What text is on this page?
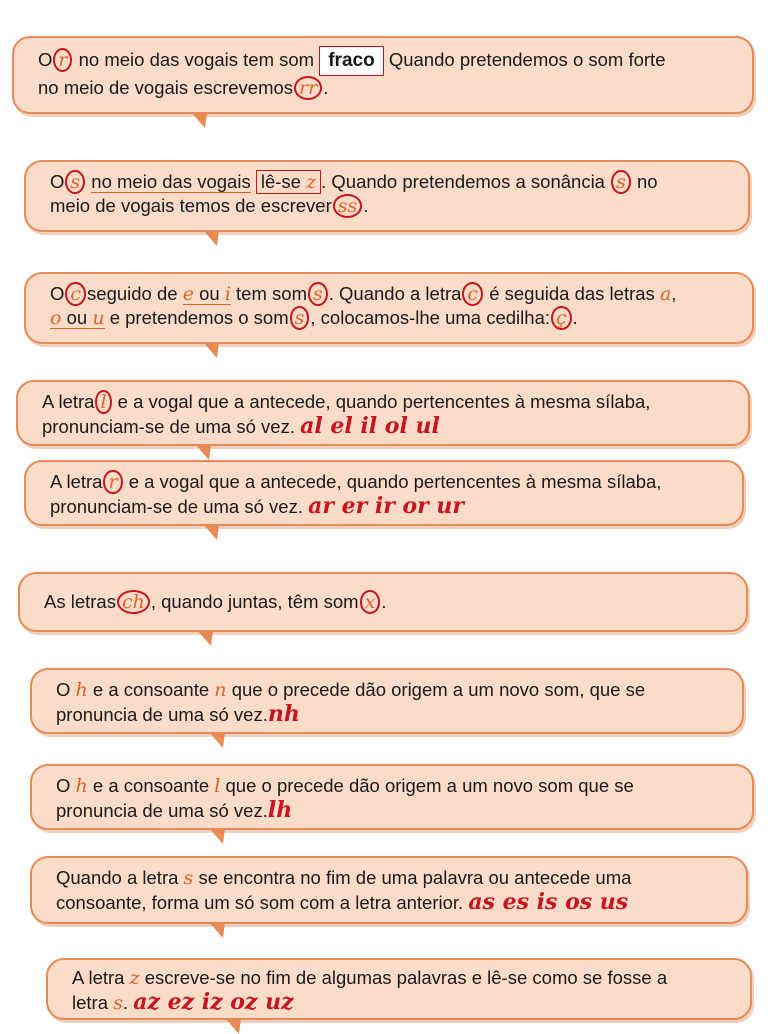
O r no meio das vogais tem som fraco Quando pretendemos o som forte
no meio de vogais escrevemos rr .
O s no meio das vogais lê-se z . Quando pretendemos a sonância s no
meio de vogais temos de escrever ss .
O c seguido de e ou i tem som s . Quando a letra c é seguida das letras a,
o ou u e pretendemos o som s , colocamos-lhe uma cedilha: ç .
A letra l e a vogal que a antecede, quando pertencentes à mesma sílaba,
pronunciam-se de uma só vez. al el il ol ul
A letra r e a vogal que a antecede, quando pertencentes à mesma sílaba,
pronunciam-se de uma só vez. ar er ir or ur
As letras ch , quando juntas, têm som x .
O h e a consoante n que o precede dão origem a um novo som, que se
pronuncia de uma só vez.nh
O h e a consoante l que o precede dão origem a um novo som que se
pronuncia de uma só vez.lh
Quando a letra s se encontra no fim de uma palavra ou antecede uma
consoante, forma um só som com a letra anterior. as es is os us
A letra z escreve-se no fim de algumas palavras e lê-se como se fosse a
letra s. az ez iz oz uz
